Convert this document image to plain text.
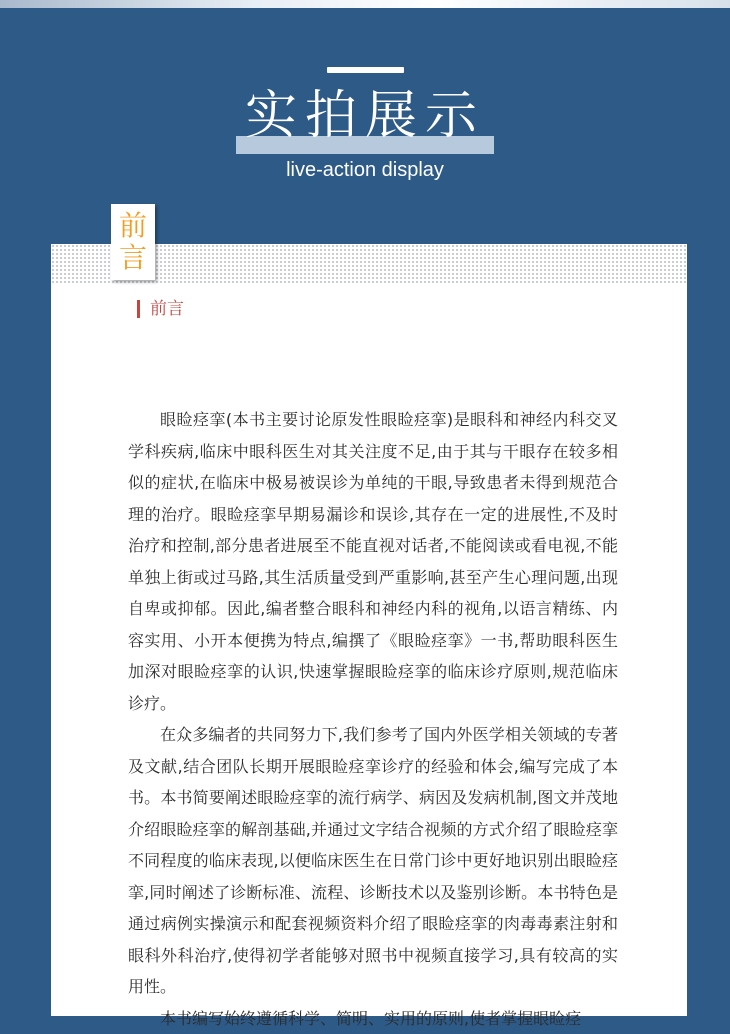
实拍展示
live-action display
前言
前言

眼睑痉挛(本书主要讨论原发性眼睑痉挛)是眼科和神经内科交叉学科疾病,临床中眼科医生对其关注度不足,由于其与干眼存在较多相似的症状,在临床中极易被误诊为单纯的干眼,导致患者未得到规范合理的治疗。眼睑痉挛早期易漏诊和误诊,其存在一定的进展性,不及时治疗和控制,部分患者进展至不能直视对话者,不能阅读或看电视,不能单独上街或过马路,其生活质量受到严重影响,甚至产生心理问题,出现自卑或抑郁。因此,编者整合眼科和神经内科的视角,以语言精练、内容实用、小开本便携为特点,编撰了《眼睑痉挛》一书,帮助眼科医生加深对眼睑痉挛的认识,快速掌握眼睑痉挛的临床诊疗原则,规范临床诊疗。

在众多编者的共同努力下,我们参考了国内外医学相关领域的专著及文献,结合团队长期开展眼睑痉挛诊疗的经验和体会,编写完成了本书。本书简要阐述眼睑痉挛的流行病学、病因及发病机制,图文并茂地介绍眼睑痉挛的解剖基础,并通过文字结合视频的方式介绍了眼睑痉挛不同程度的临床表现,以便临床医生在日常门诊中更好地识别出眼睑痉挛,同时阐述了诊断标准、流程、诊断技术以及鉴别诊断。本书特色是通过病例实操演示和配套视频资料介绍了眼睑痉挛的肉毒毒素注射和眼科外科治疗,使得初学者能够对照书中视频直接学习,具有较高的实用性。

本书编写始终遵循科学、简明、实用的原则,使者掌握眼睑痉
